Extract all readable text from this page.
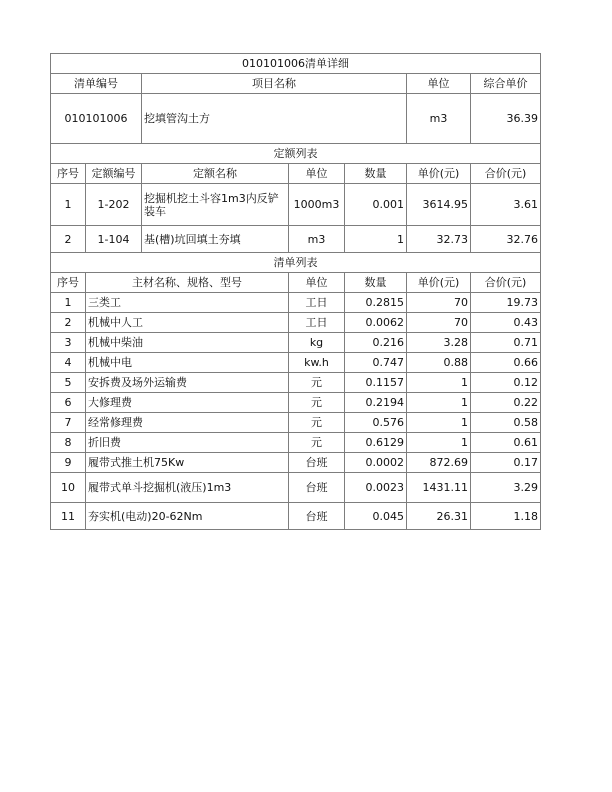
010101006清单详细						
清单编号		项目名称			单位	综合单价
010101006		挖填管沟土方			m3	36.39
定额列表						
序号	定额编号	定额名称	单位	数量	单价(元)	合价(元)
1	1-202	挖掘机挖土斗容1m3内反铲装车	1000m3	0.001	3614.95	3.61
2	1-104	基(槽)坑回填土夯填	m3	1	32.73	32.76
清单列表						
序号	主材名称、规格、型号		单位	数量	单价(元)	合价(元)
1	三类工		工日	0.2815	70	19.73
2	机械中人工		工日	0.0062	70	0.43
3	机械中柴油		kg	0.216	3.28	0.71
4	机械中电		kw.h	0.747	0.88	0.66
5	安拆费及场外运输费		元	0.1157	1	0.12
6	大修理费		元	0.2194	1	0.22
7	经常修理费		元	0.576	1	0.58
8	折旧费		元	0.6129	1	0.61
9	履带式推土机75Kw		台班	0.0002	872.69	0.17
10	履带式单斗挖掘机(液压)1m3		台班	0.0023	1431.11	3.29
11	夯实机(电动)20-62Nm		台班	0.045	26.31	1.18
